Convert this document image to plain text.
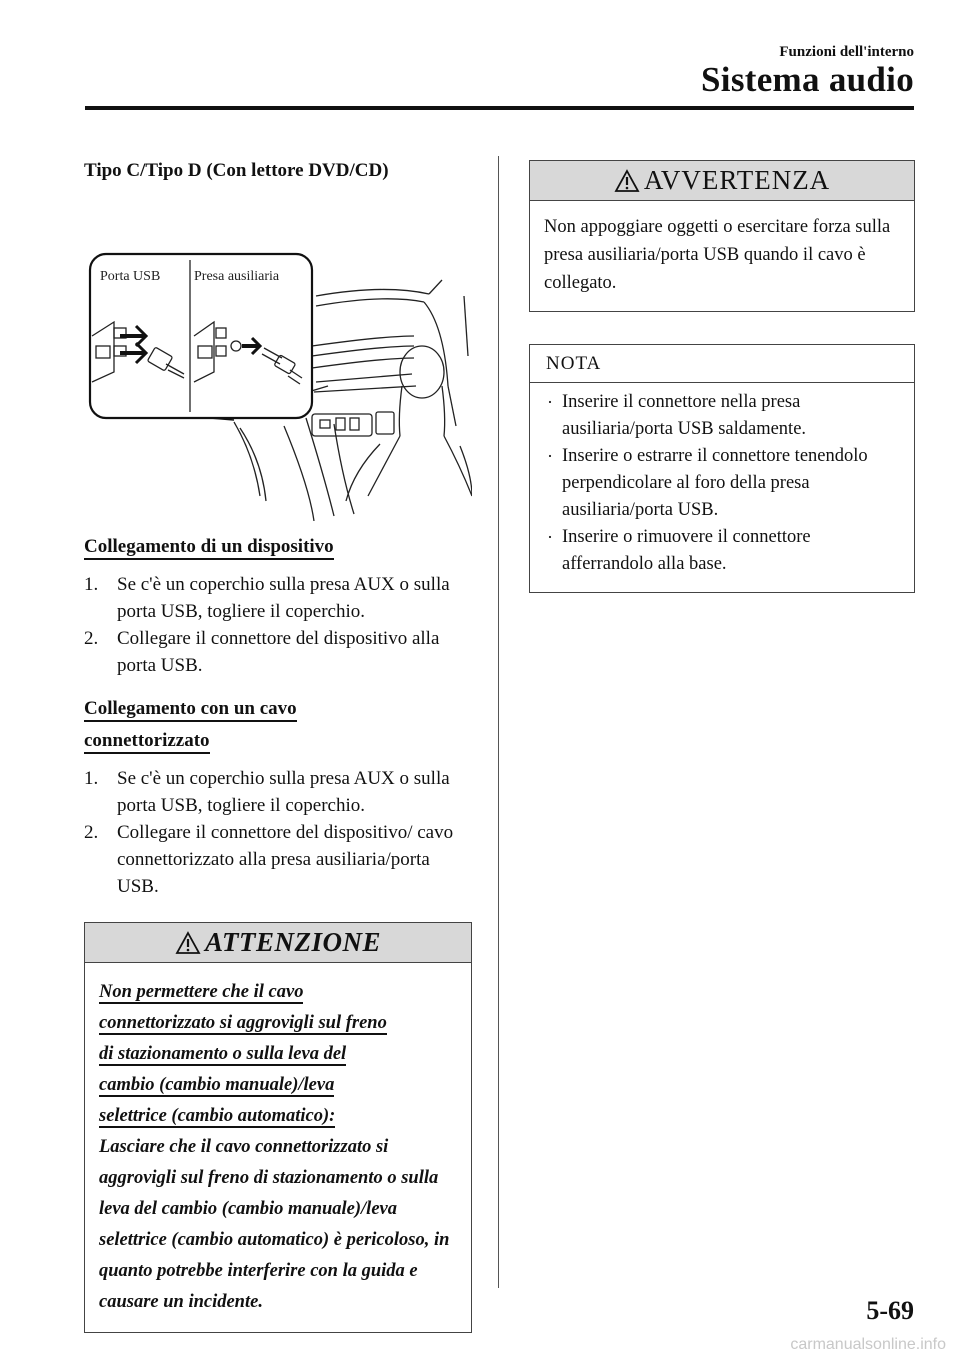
Funzioni dell'interno
Sistema audio
Tipo C/Tipo D (Con lettore DVD/CD)
Porta USB Presa ausiliaria
Collegamento di un dispositivo
1. Se c'è un coperchio sulla presa AUX o sulla porta USB, togliere il coperchio.
2. Collegare il connettore del dispositivo alla porta USB.
Collegamento con un cavo
connettorizzato
1. Se c'è un coperchio sulla presa AUX o sulla porta USB, togliere il coperchio.
2. Collegare il connettore del dispositivo/ cavo connettorizzato alla presa ausiliaria/porta USB.
ATTENZIONE
Non permettere che il cavo
connettorizzato si aggrovigli sul freno
di stazionamento o sulla leva del
cambio (cambio manuale)/leva
selettrice (cambio automatico):
Lasciare che il cavo connettorizzato si aggrovigli sul freno di stazionamento o sulla leva del cambio (cambio manuale)/leva selettrice (cambio automatico) è pericoloso, in quanto potrebbe interferire con la guida e causare un incidente.
AVVERTENZA
Non appoggiare oggetti o esercitare forza sulla presa ausiliaria/porta USB quando il cavo è collegato.
NOTA
· Inserire il connettore nella presa ausiliaria/porta USB saldamente.
· Inserire o estrarre il connettore tenendolo perpendicolare al foro della presa ausiliaria/porta USB.
· Inserire o rimuovere il connettore afferrandolo alla base.
5-69
carmanualsonline.info
